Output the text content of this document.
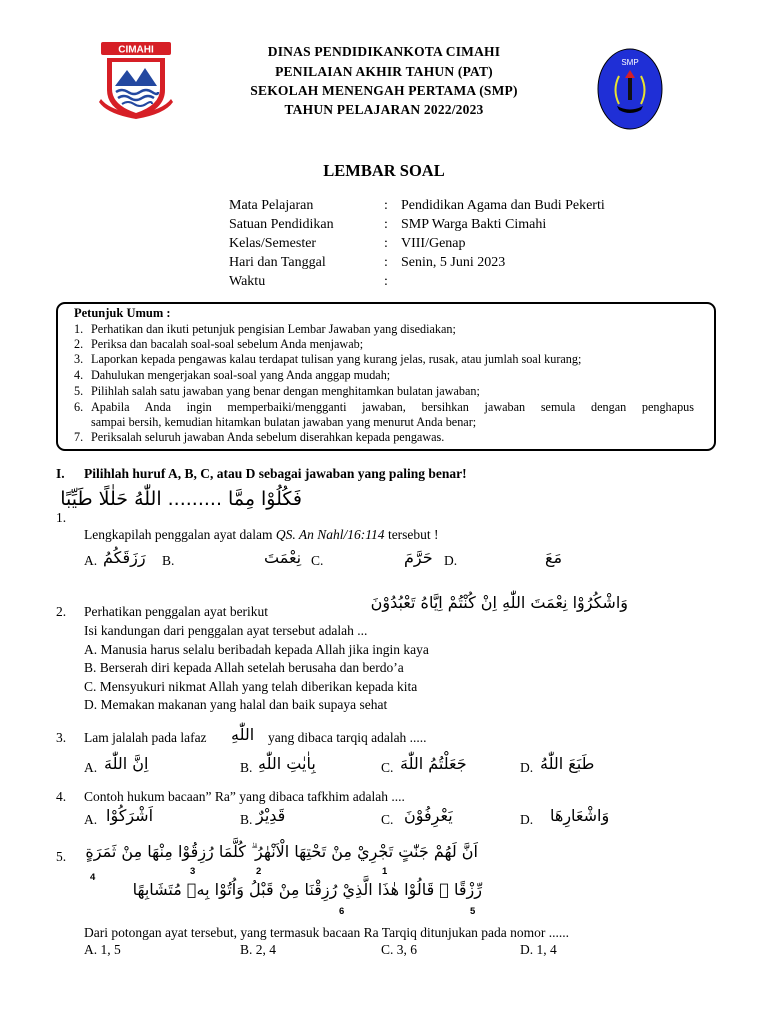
CIMAHI	DINAS PENDIDIKANKOTA CIMAHI
PENILAIAN AKHIR TAHUN (PAT)
SEKOLAH MENENGAH PERTAMA (SMP)
TAHUN PELAJARAN 2022/2023
SMP
LEMBAR SOAL
Mata Pelajaran	: Pendidikan Agama dan Budi Pekerti
Satuan Pendidikan	: SMP Warga Bakti Cimahi
Kelas/Semester	: VIII/Genap
Hari dan Tanggal	: Senin, 5 Juni 2023
Waktu	:
Petunjuk Umum :
1. Perhatikan dan ikuti petunjuk pengisian Lembar Jawaban yang disediakan;
2. Periksa dan bacalah soal-soal sebelum Anda menjawab;
3. Laporkan kepada pengawas kalau terdapat tulisan yang kurang jelas, rusak, atau jumlah soal kurang;
4. Dahulukan mengerjakan soal-soal yang Anda anggap mudah;
5. Pilihlah salah satu jawaban yang benar dengan menghitamkan bulatan jawaban;
6. Apabila Anda ingin memperbaiki/mengganti jawaban, bersihkan jawaban semula dengan penghapus
sampai bersih, kemudian hitamkan bulatan jawaban yang menurut Anda benar;
7. Periksalah seluruh jawaban Anda sebelum diserahkan kepada pengawas.
I. Pilihlah huruf A, B, C, atau D sebagai jawaban yang paling benar!
1.
فَكُلُوْا مِمَّا ......... اللّٰهُ حَلٰلًا طَيِّبًا
Lengkapilah penggalan ayat dalam QS. An Nahl/16:114 tersebut !
A. رَزَقَكُمُ B.	نِعْمَتَ C.	حَرَّمَ D.	مَعَ
2. Perhatikan penggalan ayat berikut	وَاشْكُرُوْا نِعْمَتَ اللّٰهِ اِنْ كُنْتُمْ اِيَّاهُ تَعْبُدُوْنَ
Isi kandungan dari penggalan ayat tersebut adalah ...
A. Manusia harus selalu beribadah kepada Allah jika ingin kaya
B. Berserah diri kepada Allah setelah berusaha dan berdo’a
C. Mensyukuri nikmat Allah yang telah diberikan kepada kita
D. Memakan makanan yang halal dan baik supaya sehat
3. Lam jalalah pada lafaz اللّٰهِ yang dibaca tarqiq adalah .....
A. اِنَّ اللّٰهَ	B. بِاٰيٰتِ اللّٰهِ	C. جَعَلْتُمُ اللّٰهَ	D. طَبَعَ اللّٰهُ
4. Contoh hukum bacaan” Ra” yang dibaca tafkhim adalah ....
A. اَشْرَكُوْا	B. قَدِيْرٌ	C. يَعْرِفُوْنَ	D. وَاشْعَارِهَا
5. اَنَّ لَهُمْ جَنّٰتٍ تَجْرِيْ مِنْ تَحْتِهَا الْاَنْهٰرُ ۗ كُلَّمَا رُزِقُوْا مِنْهَا مِنْ ثَمَرَةٍ
1
2
3
4
رِّزْقًا ۙ قَالُوْا هٰذَا الَّذِيْ رُزِقْنَا مِنْ قَبْلُ وَاُتُوْا بِهٖ مُتَشَابِهًا
5
6
Dari potongan ayat tersebut, yang termasuk bacaan Ra Tarqiq ditunjukan pada nomor ......
A. 1, 5	B. 2, 4	C. 3, 6	D. 1, 4
